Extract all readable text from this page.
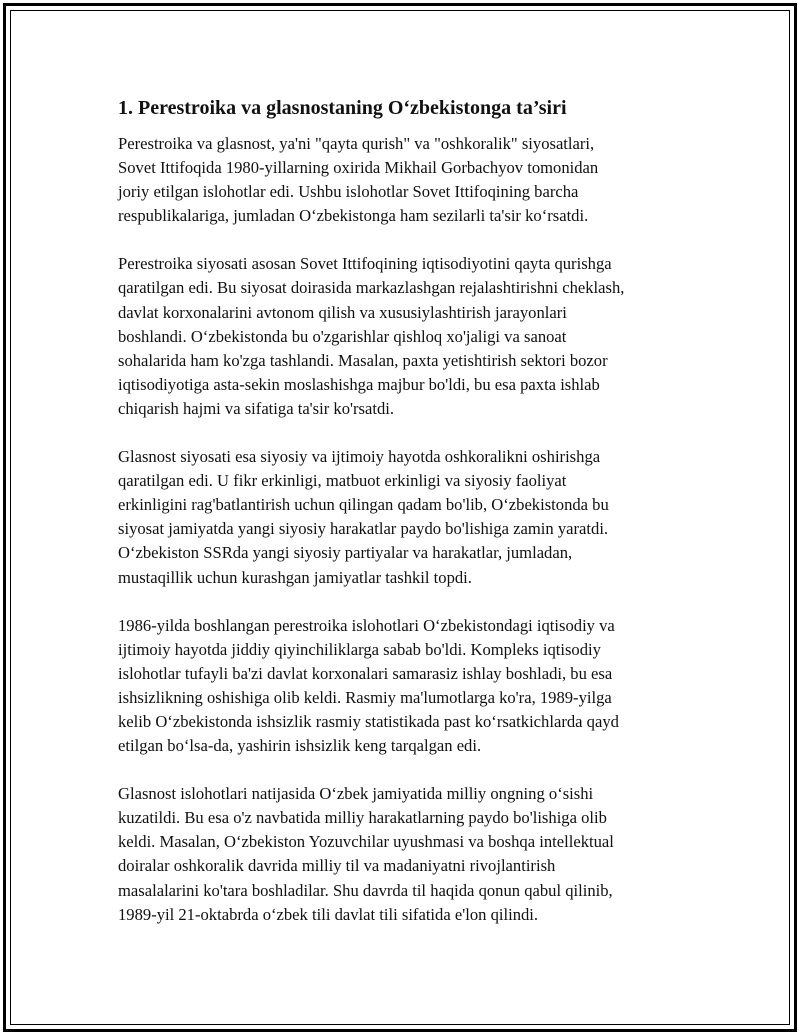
1. Perestroika va glasnostaning O‘zbekistonga ta’siri
Perestroika va glasnost, ya'ni "qayta qurish" va "oshkoralik" siyosatlari,
Sovet Ittifoqida 1980-yillarning oxirida Mikhail Gorbachyov tomonidan
joriy etilgan islohotlar edi. Ushbu islohotlar Sovet Ittifoqining barcha
respublikalariga, jumladan O‘zbekistonga ham sezilarli ta'sir ko‘rsatdi.
Perestroika siyosati asosan Sovet Ittifoqining iqtisodiyotini qayta qurishga
qaratilgan edi. Bu siyosat doirasida markazlashgan rejalashtirishni cheklash,
davlat korxonalarini avtonom qilish va xususiylashtirish jarayonlari
boshlandi. O‘zbekistonda bu o'zgarishlar qishloq xo'jaligi va sanoat
sohalarida ham ko'zga tashlandi. Masalan, paxta yetishtirish sektori bozor
iqtisodiyotiga asta-sekin moslashishga majbur bo'ldi, bu esa paxta ishlab
chiqarish hajmi va sifatiga ta'sir ko'rsatdi.
Glasnost siyosati esa siyosiy va ijtimoiy hayotda oshkoralikni oshirishga
qaratilgan edi. U fikr erkinligi, matbuot erkinligi va siyosiy faoliyat
erkinligini rag'batlantirish uchun qilingan qadam bo'lib, O‘zbekistonda bu
siyosat jamiyatda yangi siyosiy harakatlar paydo bo'lishiga zamin yaratdi.
O‘zbekiston SSRda yangi siyosiy partiyalar va harakatlar, jumladan,
mustaqillik uchun kurashgan jamiyatlar tashkil topdi.
1986-yilda boshlangan perestroika islohotlari O‘zbekistondagi iqtisodiy va
ijtimoiy hayotda jiddiy qiyinchiliklarga sabab bo'ldi. Kompleks iqtisodiy
islohotlar tufayli ba'zi davlat korxonalari samarasiz ishlay boshladi, bu esa
ishsizlikning oshishiga olib keldi. Rasmiy ma'lumotlarga ko'ra, 1989-yilga
kelib O‘zbekistonda ishsizlik rasmiy statistikada past ko‘rsatkichlarda qayd
etilgan bo‘lsa-da, yashirin ishsizlik keng tarqalgan edi.
Glasnost islohotlari natijasida O‘zbek jamiyatida milliy ongning o‘sishi
kuzatildi. Bu esa o'z navbatida milliy harakatlarning paydo bo'lishiga olib
keldi. Masalan, O‘zbekiston Yozuvchilar uyushmasi va boshqa intellektual
doiralar oshkoralik davrida milliy til va madaniyatni rivojlantirish
masalalarini ko'tara boshladilar. Shu davrda til haqida qonun qabul qilinib,
1989-yil 21-oktabrda o‘zbek tili davlat tili sifatida e'lon qilindi.
